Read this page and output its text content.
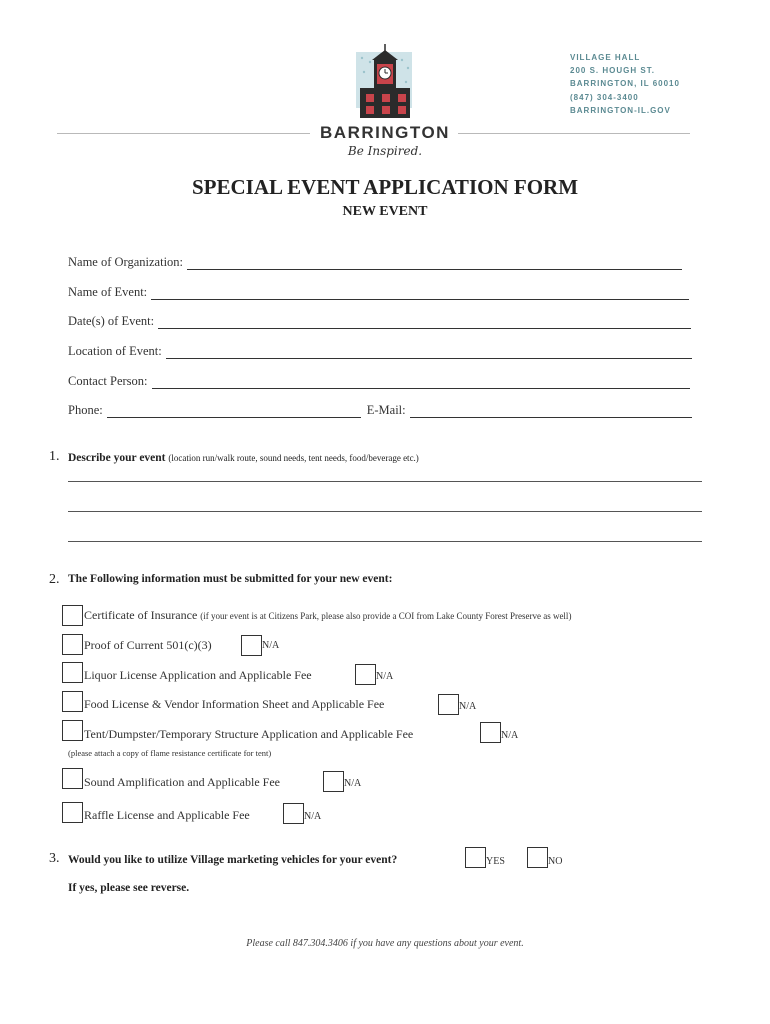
BARRINGTON
Be Inspired.
VILLAGE HALL
200 S. HOUGH ST.
BARRINGTON, IL 60010
(847) 304-3400
BARRINGTON-IL.GOV
SPECIAL EVENT APPLICATION FORM
NEW EVENT
Name of Organization:
Name of Event:
Date(s) of Event:
Location of Event:
Contact Person:
Phone:	E-Mail:
1. Describe your event (location run/walk route, sound needs, tent needs, food/beverage etc.)
2. The Following information must be submitted for your new event:
Certificate of Insurance (if your event is at Citizens Park, please also provide a COI from Lake County Forest Preserve as well)
Proof of Current 501(c)(3)	N/A
Liquor License Application and Applicable Fee	N/A
Food License & Vendor Information Sheet and Applicable Fee	N/A
Tent/Dumpster/Temporary Structure Application and Applicable Fee	N/A
(please attach a copy of flame resistance certificate for tent)
Sound Amplification and Applicable Fee	N/A
Raffle License and Applicable Fee	N/A
3. Would you like to utilize Village marketing vehicles for your event?	YES	NO
If yes, please see reverse.
Please call 847.304.3406 if you have any questions about your event.
